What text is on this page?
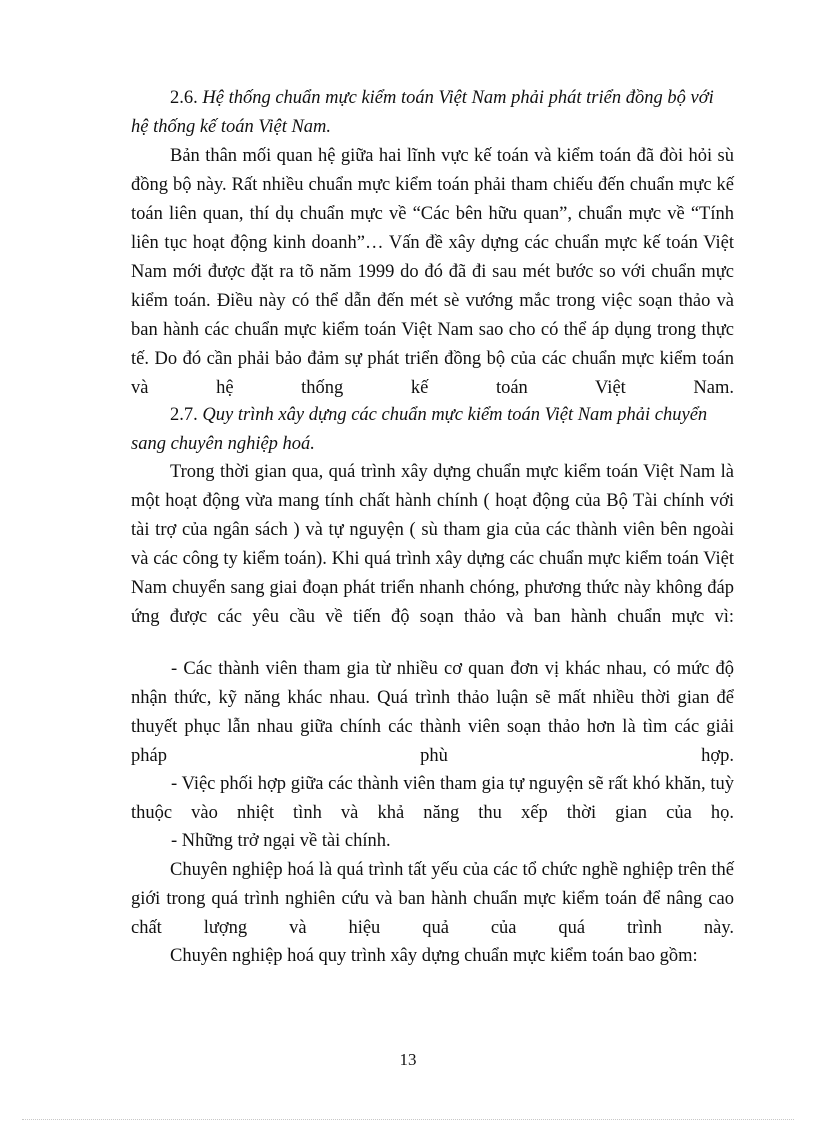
2.6. Hệ thống chuẩn mực kiểm toán Việt Nam phải phát triển đồng bộ với hệ thống kế toán Việt Nam.

Bản thân mối quan hệ giữa hai lĩnh vực kế toán và kiểm toán đã đòi hỏi sù đồng bộ này. Rất nhiều chuẩn mực kiểm toán phải tham chiếu đến chuẩn mực kế toán liên quan, thí dụ chuẩn mực về “Các bên hữu quan”, chuẩn mực về “Tính liên tục hoạt động kinh doanh”… Vấn đề xây dựng các chuẩn mực kế toán Việt Nam mới được đặt ra tõ năm 1999 do đó đã đi sau mét bước so với chuẩn mực kiểm toán. Điều này có thể dẫn đến mét sè vướng mắc trong việc soạn thảo và ban hành các chuẩn mực kiểm toán Việt Nam sao cho có thể áp dụng trong thực tế. Do đó cần phải bảo đảm sự phát triển đồng bộ của các chuẩn mực kiểm toán và hệ thống kế toán Việt Nam.

2.7. Quy trình xây dựng các chuẩn mực kiểm toán Việt Nam phải chuyển sang chuyên nghiệp hoá.

Trong thời gian qua, quá trình xây dựng chuẩn mực kiểm toán Việt Nam là một hoạt động vừa mang tính chất hành chính ( hoạt động của Bộ Tài chính với tài trợ của ngân sách ) và tự nguyện ( sù tham gia của các thành viên bên ngoài và các công ty kiểm toán). Khi quá trình xây dựng các chuẩn mực kiểm toán Việt Nam chuyển sang giai đoạn phát triển nhanh chóng, phương thức này không đáp ứng được các yêu cầu về tiến độ soạn thảo và ban hành chuẩn mực vì:

- Các thành viên tham gia từ nhiều cơ quan đơn vị khác nhau, có mức độ nhận thức, kỹ năng khác nhau. Quá trình thảo luận sẽ mất nhiều thời gian để thuyết phục lẫn nhau giữa chính các thành viên soạn thảo hơn là tìm các giải pháp phù hợp.

- Việc phối hợp giữa các thành viên tham gia tự nguyện sẽ rất khó khăn, tuỳ thuộc vào nhiệt tình và khả năng thu xếp thời gian của họ.

- Những trở ngại về tài chính.

Chuyên nghiệp hoá là quá trình tất yếu của các tổ chức nghề nghiệp trên thế giới trong quá trình nghiên cứu và ban hành chuẩn mực kiểm toán để nâng cao chất lượng và hiệu quả của quá trình này.

Chuyên nghiệp hoá quy trình xây dựng chuẩn mực kiểm toán bao gồm:

13
